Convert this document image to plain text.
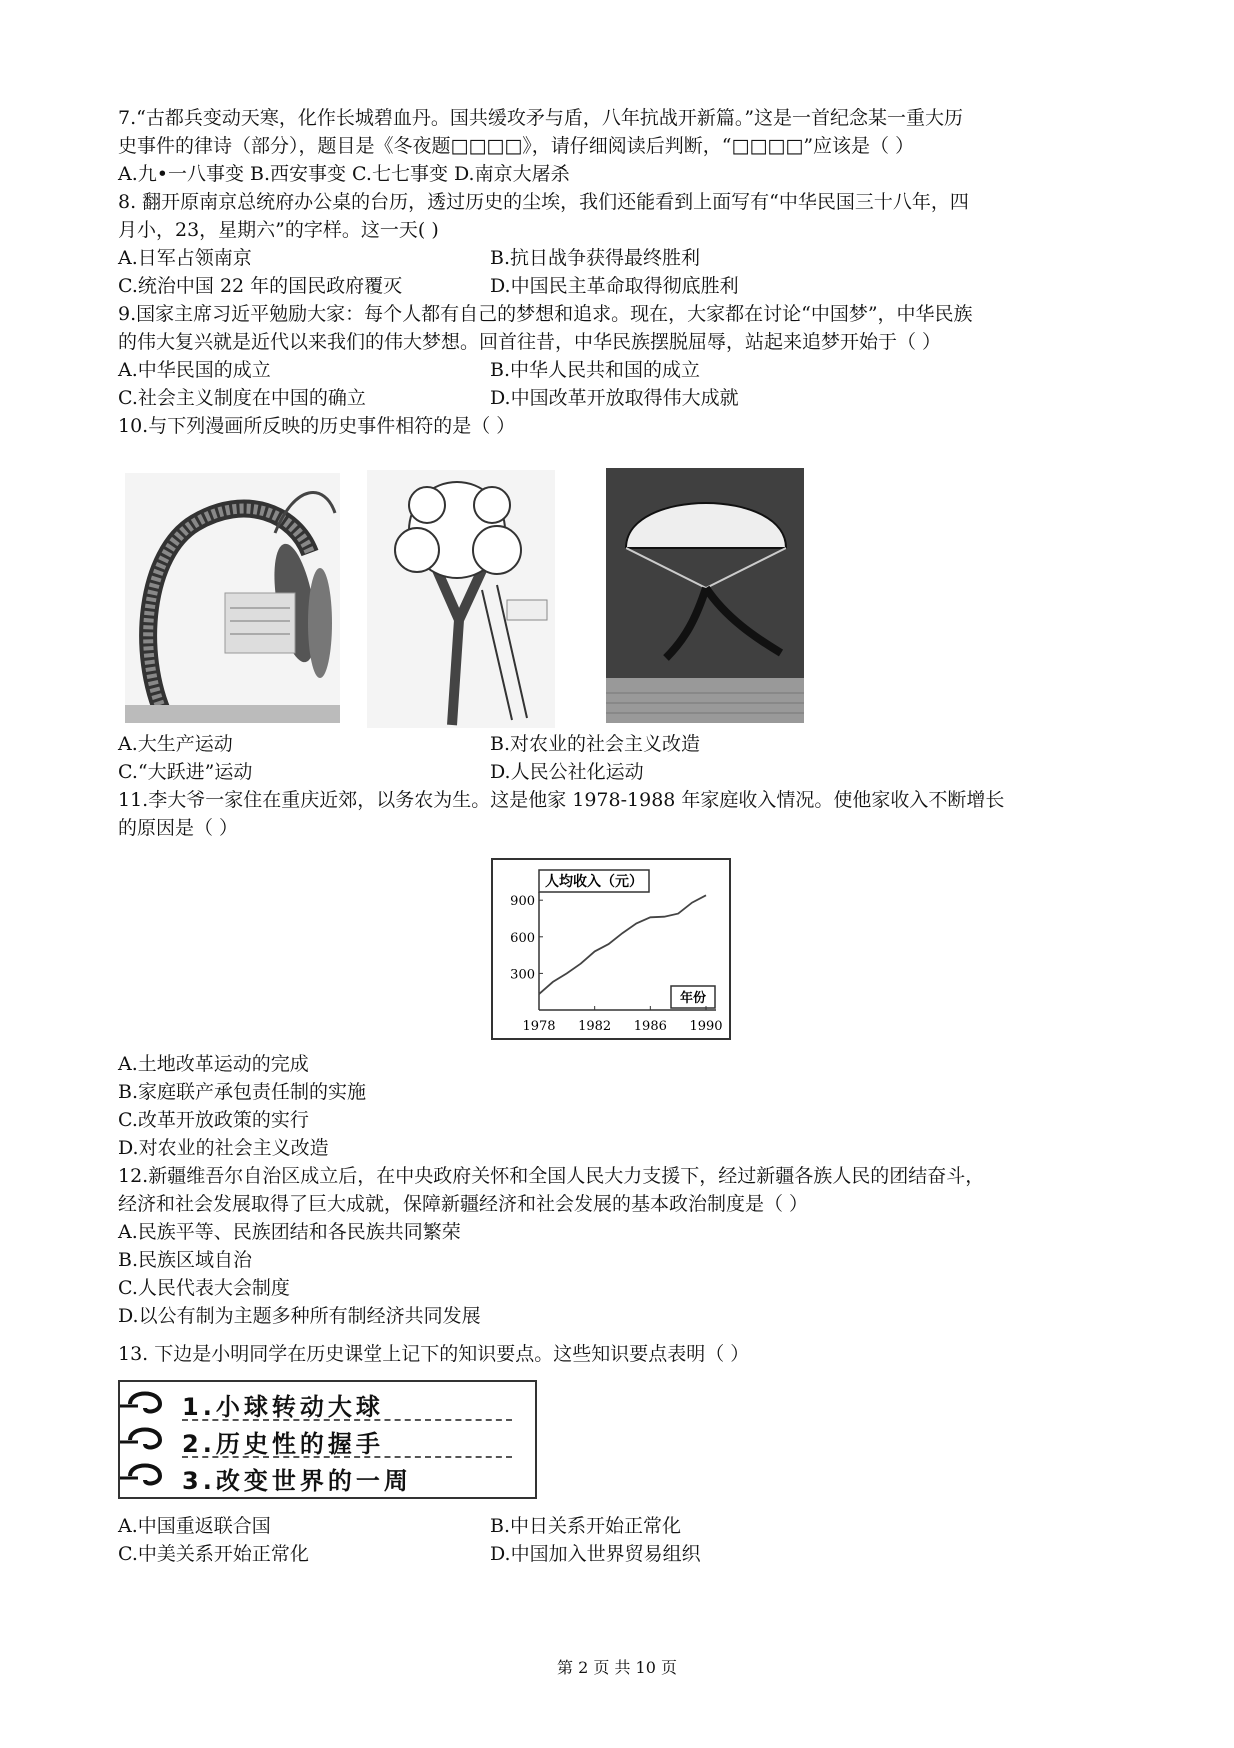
7.“古都兵变动天寒，化作长城碧血丹。国共缓攻矛与盾，八年抗战开新篇。”这是一首纪念某一重大历
史事件的律诗（部分），题目是《冬夜题□□□□》，请仔细阅读后判断，“□□□□”应该是（ ）
A.九•一八事变 B.西安事变 C.七七事变 D.南京大屠杀
8. 翻开原南京总统府办公桌的台历，透过历史的尘埃，我们还能看到上面写有“中华民国三十八年，四
月小，23，星期六”的字样。这一天( )
A.日军占领南京	B.抗日战争获得最终胜利
C.统治中国 22 年的国民政府覆灭	D.中国民主革命取得彻底胜利
9.国家主席习近平勉励大家：每个人都有自己的梦想和追求。现在，大家都在讨论“中国梦”，中华民族
的伟大复兴就是近代以来我们的伟大梦想。回首往昔，中华民族摆脱屈辱，站起来追梦开始于（ ）
A.中华民国的成立	B.中华人民共和国的成立
C.社会主义制度在中国的确立	D.中国改革开放取得伟大成就
10.与下列漫画所反映的历史事件相符的是（ ）
A.大生产运动	B.对农业的社会主义改造
C.“大跃进”运动	D.人民公社化运动
11.李大爷一家住在重庆近郊，以务农为生。这是他家 1978-1988 年家庭收入情况。使他家收入不断增长
的原因是（ ）
人均收入（元）
年份
1978 1982 1986 1990
300
600
900
A.土地改革运动的完成
B.家庭联产承包责任制的实施
C.改革开放政策的实行
D.对农业的社会主义改造
12.新疆维吾尔自治区成立后，在中央政府关怀和全国人民大力支援下，经过新疆各族人民的团结奋斗，
经济和社会发展取得了巨大成就，保障新疆经济和社会发展的基本政治制度是（ ）
A.民族平等、民族团结和各民族共同繁荣
B.民族区域自治
C.人民代表大会制度
D.以公有制为主题多种所有制经济共同发展
13. 下边是小明同学在历史课堂上记下的知识要点。这些知识要点表明（ ）
1.小球转动大球
2.历史性的握手
3.改变世界的一周
A.中国重返联合国	B.中日关系开始正常化
C.中美关系开始正常化	D.中国加入世界贸易组织
第 2 页 共 10 页
